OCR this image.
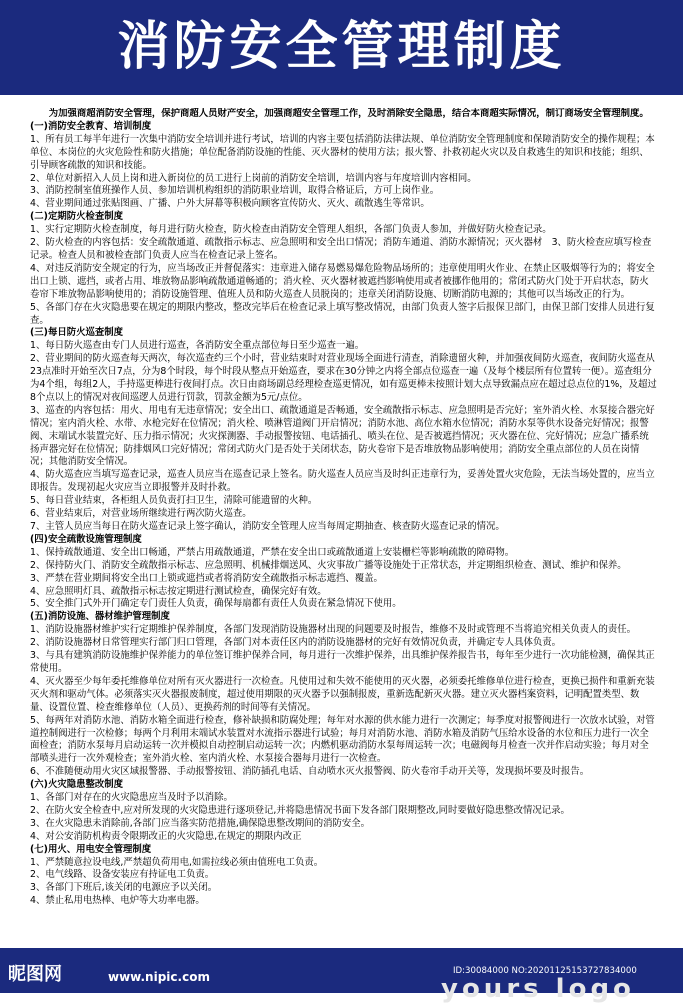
消防安全管理制度

为加强商超消防安全管理，保护商超人员财产安全，加强商超安全管理工作，及时消除安全隐患，结合本商超实际情况，制订商场安全管理制度。

(一)消防安全教育、培训制度

1、所有员工每半年进行一次集中消防安全培训并进行考试，培训的内容主要包括消防法律法规、单位消防安全管理制度和保障消防安全的操作规程；本单位、本岗位的火灾危险性和防火措施；单位配备消防设施的性能、灭火器材的使用方法；报火警、扑救初起火灾以及自救逃生的知识和技能；组织、引导顾客疏散的知识和技能。

2、单位对新招入人员上岗和进入新岗位的员工进行上岗前的消防安全培训，培训内容与年度培训内容相同。

3、消防控制室值班操作人员、参加培训机构组织的消防职业培训，取得合格证后，方可上岗作业。

4、营业期间通过张贴图画、广播、户外大屏幕等积极向顾客宣传防火、灭火、疏散逃生等常识。

(二)定期防火检查制度

1、实行定期防火检查制度，每月进行防火检查，防火检查由消防安全管理人组织，各部门负责人参加，并做好防火检查记录。

2、防火检查的内容包括：安全疏散通道、疏散指示标志、应急照明和安全出口情况；消防车通道、消防水源情况；灭火器材　3、防火检查应填写检查记录。检查人员和被检查部门负责人应当在检查记录上签名。

4、对违反消防安全规定的行为，应当场改正并督促落实：违章进入储存易燃易爆危险物品场所的；违章使用明火作业、在禁止区吸烟等行为的；将安全出口上锁、遮挡，或者占用、堆放物品影响疏散通道畅通的；消火栓、灭火器材被遮挡影响使用或者被挪作他用的；常闭式防火门处于开启状态，防火卷帘下堆放物品影响使用的；消防设施管理、值班人员和防火巡查人员脱岗的；违章关闭消防设施、切断消防电源的；其他可以当场改正的行为。

5、各部门存在火灾隐患要在规定的期限内整改，整改完毕后在检查记录上填写整改情况，由部门负责人签字后报保卫部门，由保卫部门安排人员进行复查。

(三)每日防火巡查制度

1、每日防火巡查由专门人员进行巡查，各消防安全重点部位每日至少巡查一遍。

2、营业期间的防火巡查每天两次，每次巡查约三个小时，营业结束时对营业现场全面进行清查，消除遗留火种，并加强夜间防火巡查，夜间防火巡查从23点准时开始至次日7点，分为8个时段，每个时段从整点开始巡查，要求在30分钟之内将全部点位巡查一遍（及每个楼层所有位置转一便）。巡查组分为4个组，每组2人，手持巡更棒进行夜间打点。次日由商场副总经理检查巡更情况，如有巡更棒未按照计划大点导致漏点应在超过总点位的1%，及超过8个点以上的情况对夜间巡逻人员进行罚款，罚款金额为5元/点位。

3、巡查的内容包括：用火、用电有无违章情况；安全出口、疏散通道是否畅通，安全疏散指示标志、应急照明是否完好；室外消火栓、水泵接合器完好情况；室内消火栓、水带、水枪完好在位情况；消火栓、喷淋管道阀门开启情况；消防水池、高位水箱水位情况；消防水泵等供水设备完好情况；报警阀、末端试水装置完好、压力指示情况；火灾探测器、手动报警按钮、电话插孔、喷头在位、是否被遮挡情况；灭火器在位、完好情况；应急广播系统扬声器完好在位情况；防排烟风口完好情况；常闭式防火门是否处于关闭状态，防火卷帘下是否堆放物品影响使用；消防安全重点部位的人员在岗情况；其他消防安全情况。

4、防火巡查应当填写巡查记录，巡查人员应当在巡查记录上签名。防火巡查人员应当及时纠正违章行为，妥善处置火灾危险，无法当场处置的，应当立即报告。发现初起火灾应当立即报警并及时扑救。

5、每日营业结束，各柜组人员负责打扫卫生，清除可能遗留的火种。

6、营业结束后，对营业场所继续进行两次防火巡查。

7、主管人员应当每日在防火巡查记录上签字确认，消防安全管理人应当每周定期抽查、核查防火巡查记录的情况。

(四)安全疏散设施管理制度

1、保持疏散通道、安全出口畅通，严禁占用疏散通道，严禁在安全出口或疏散通道上安装栅栏等影响疏散的障碍物。

2、保持防火门、消防安全疏散指示标志、应急照明、机械排烟送风、火灾事故广播等设施处于正常状态，并定期组织检查、测试、维护和保养。

3、严禁在营业期间将安全出口上锁或遮挡或者将消防安全疏散指示标志遮挡、覆盖。

4、应急照明灯具、疏散指示标志按定期进行测试检查，确保完好有效。

5、安全推门式外开门确定专门责任人负责，确保每扇都有责任人负责在紧急情况下使用。

(五)消防设施、器材维护管理制度

1、消防设施器材维护实行定期维护保养制度，各部门发现消防设施器材出现的问题要及时报告，维修不及时或管理不当将追究相关负责人的责任。

2、消防设施器材日常管理实行部门归口管理，各部门对本责任区内的消防设施器材的完好有效情况负责，并确定专人具体负责。

3、与具有建筑消防设施维护保养能力的单位签订维护保养合同，每月进行一次维护保养，出具维护保养报告书，每年至少进行一次功能检测，确保其正常使用。

4、灭火器至少每年委托维修单位对所有灭火器进行一次检查。凡使用过和失效不能使用的灭火器，必须委托维修单位进行检查，更换已损件和重新充装灭火剂和驱动气体。必须落实灭火器报废制度，超过使用期限的灭火器予以强制报废，重新选配新灭火器。建立灭火器档案资料，记明配置类型、数量、设置位置、检查维修单位（人员）、更换药剂的时间等有关情况。

5、每两年对消防水池、消防水箱全面进行检查，修补缺损和防腐处理；每年对水源的供水能力进行一次测定；每季度对报警阀进行一次放水试验，对管道控制阀进行一次检修；每两个月利用末端试水装置对水流指示器进行试验；每月对消防水池、消防水箱及消防气压给水设备的水位和压力进行一次全面检查；消防水泵每月启动运转一次并模拟自动控制启动运转一次；内燃机驱动消防水泵每周运转一次；电磁阀每月检查一次并作启动实验；每月对全部喷头进行一次外观检查；室外消火栓、室内消火栓、水泵接合器每月进行一次检查。

6、不准随便动用火灾区域报警器、手动报警按钮、消防插孔电话、自动喷水灭火报警阀、防火卷帘手动开关等，发现损坏要及时报告。

(六)火灾隐患整改制度

1、各部门对存在的火灾隐患应当及时予以消除。

2、在防火安全检查中,应对所发现的火灾隐患进行逐项登记,并将隐患情况书面下发各部门限期整改,同时要做好隐患整改情况记录。

3、在火灾隐患未消除前,各部门应当落实防范措施,确保隐患整改期间的消防安全。

4、对公安消防机构责令限期改正的火灾隐患,在规定的期限内改正

(七)用火、用电安全管理制度

1、严禁随意拉设电线,严禁超负荷用电,如需拉线必须由值班电工负责。

2、电气线路、设备安装应有持证电工负责。

3、各部门下班后,该关闭的电源应予以关闭。

4、禁止私用电热棒、电炉等大功率电器。

昵图网	www.nipic.com	yours logo
ID:30084000 NO:20201125153727834000
